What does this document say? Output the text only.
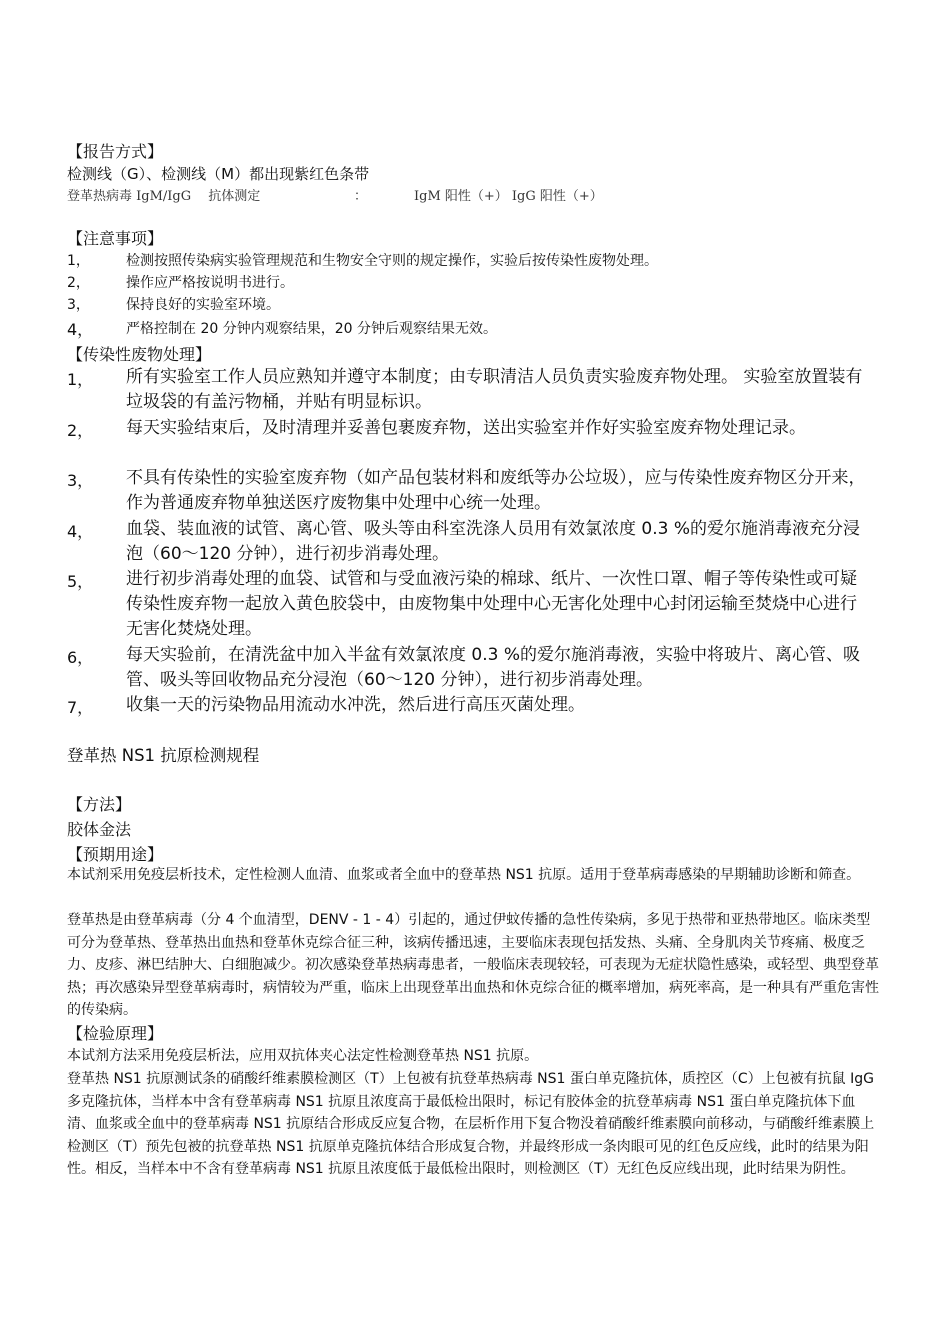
【报告方式】
检测线（G）、检测线（M）都出现紫红色条带
登革热病毒 IgM/IgG　 抗体测定	：	IgM 阳性（+） IgG 阳性（+）
【注意事项】
1，	检测按照传染病实验管理规范和生物安全守则的规定操作，实验后按传染性废物处理。
2，	操作应严格按说明书进行。
3，	保持良好的实验室环境。
4， 严格控制在 20 分钟内观察结果，20 分钟后观察结果无效。
【传染性废物处理】
1， 所有实验室工作人员应熟知并遵守本制度；由专职清洁人员负责实验废弃物处理。 实验室放置装有垃圾袋的有盖污物桶，并贴有明显标识。
2， 每天实验结束后，及时清理并妥善包裹废弃物，送出实验室并作好实验室废弃物处理记录。
3， 不具有传染性的实验室废弃物（如产品包装材料和废纸等办公垃圾），应与传染性废弃物区分开来，作为普通废弃物单独送医疗废物集中处理中心统一处理。
4， 血袋、装血液的试管、离心管、吸头等由科室洗涤人员用有效氯浓度 0.3 %的爱尔施消毒液充分浸泡（60～120 分钟），进行初步消毒处理。
5， 进行初步消毒处理的血袋、试管和与受血液污染的棉球、纸片、一次性口罩、帽子等传染性或可疑传染性废弃物一起放入黄色胶袋中，由废物集中处理中心无害化处理中心封闭运输至焚烧中心进行无害化焚烧处理。
6， 每天实验前，在清洗盆中加入半盆有效氯浓度 0.3 %的爱尔施消毒液，实验中将玻片、离心管、吸管、吸头等回收物品充分浸泡（60～120 分钟），进行初步消毒处理。
7， 收集一天的污染物品用流动水冲洗，然后进行高压灭菌处理。
登革热 NS1 抗原检测规程
【方法】
胶体金法
【预期用途】
本试剂采用免疫层析技术，定性检测人血清、血浆或者全血中的登革热 NS1 抗原。适用于登革病毒感染的早期辅助诊断和筛查。
登革热是由登革病毒（分 4 个血清型，DENV - 1 - 4）引起的，通过伊蚊传播的急性传染病，多见于热带和亚热带地区。临床类型可分为登革热、登革热出血热和登革休克综合征三种，该病传播迅速，主要临床表现包括发热、头痛、全身肌肉关节疼痛、极度乏力、皮疹、淋巴结肿大、白细胞减少。初次感染登革热病毒患者，一般临床表现较轻，可表现为无症状隐性感染，或轻型、典型登革热；再次感染异型登革病毒时，病情较为严重，临床上出现登革出血热和休克综合征的概率增加，病死率高，是一种具有严重危害性的传染病。
【检验原理】
本试剂方法采用免疫层析法，应用双抗体夹心法定性检测登革热 NS1 抗原。
登革热 NS1 抗原测试条的硝酸纤维素膜检测区（T）上包被有抗登革热病毒 NS1 蛋白单克隆抗体，质控区（C）上包被有抗鼠 IgG 多克隆抗体，当样本中含有登革病毒 NS1 抗原且浓度高于最低检出限时，标记有胶体金的抗登革病毒 NS1 蛋白单克隆抗体下血清、血浆或全血中的登革病毒 NS1 抗原结合形成反应复合物，在层析作用下复合物没着硝酸纤维素膜向前移动，与硝酸纤维素膜上检测区（T）预先包被的抗登革热 NS1 抗原单克隆抗体结合形成复合物，并最终形成一条肉眼可见的红色反应线，此时的结果为阳性。相反，当样本中不含有登革病毒 NS1 抗原且浓度低于最低检出限时，则检测区（T）无红色反应线出现，此时结果为阴性。
